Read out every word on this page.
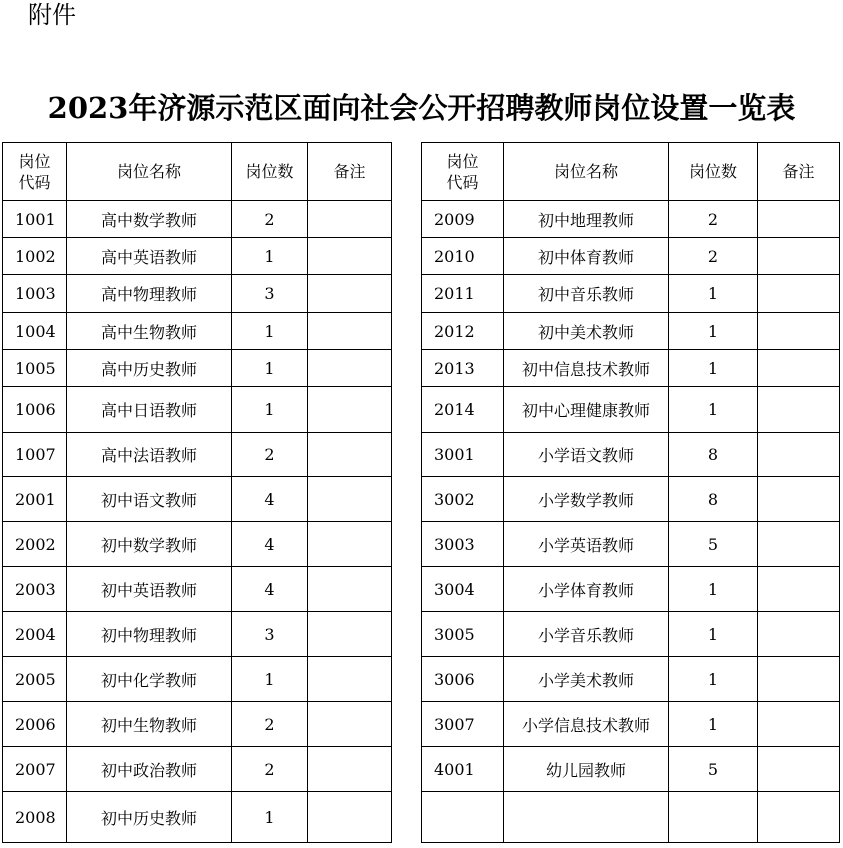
附件
2023年济源示范区面向社会公开招聘教师岗位设置一览表
岗位
代码	岗位名称	岗位数	备注
1001	高中数学教师	2	
1002	高中英语教师	1	
1003	高中物理教师	3	
1004	高中生物教师	1	
1005	高中历史教师	1	
1006	高中日语教师	1	
1007	高中法语教师	2	
2001	初中语文教师	4	
2002	初中数学教师	4	
2003	初中英语教师	4	
2004	初中物理教师	3	
2005	初中化学教师	1	
2006	初中生物教师	2	
2007	初中政治教师	2	
2008	初中历史教师	1	
岗位
代码	岗位名称	岗位数	备注
2009	初中地理教师	2	
2010	初中体育教师	2	
2011	初中音乐教师	1	
2012	初中美术教师	1	
2013	初中信息技术教师	1	
2014	初中心理健康教师	1	
3001	小学语文教师	8	
3002	小学数学教师	8	
3003	小学英语教师	5	
3004	小学体育教师	1	
3005	小学音乐教师	1	
3006	小学美术教师	1	
3007	小学信息技术教师	1	
4001	幼儿园教师	5	
